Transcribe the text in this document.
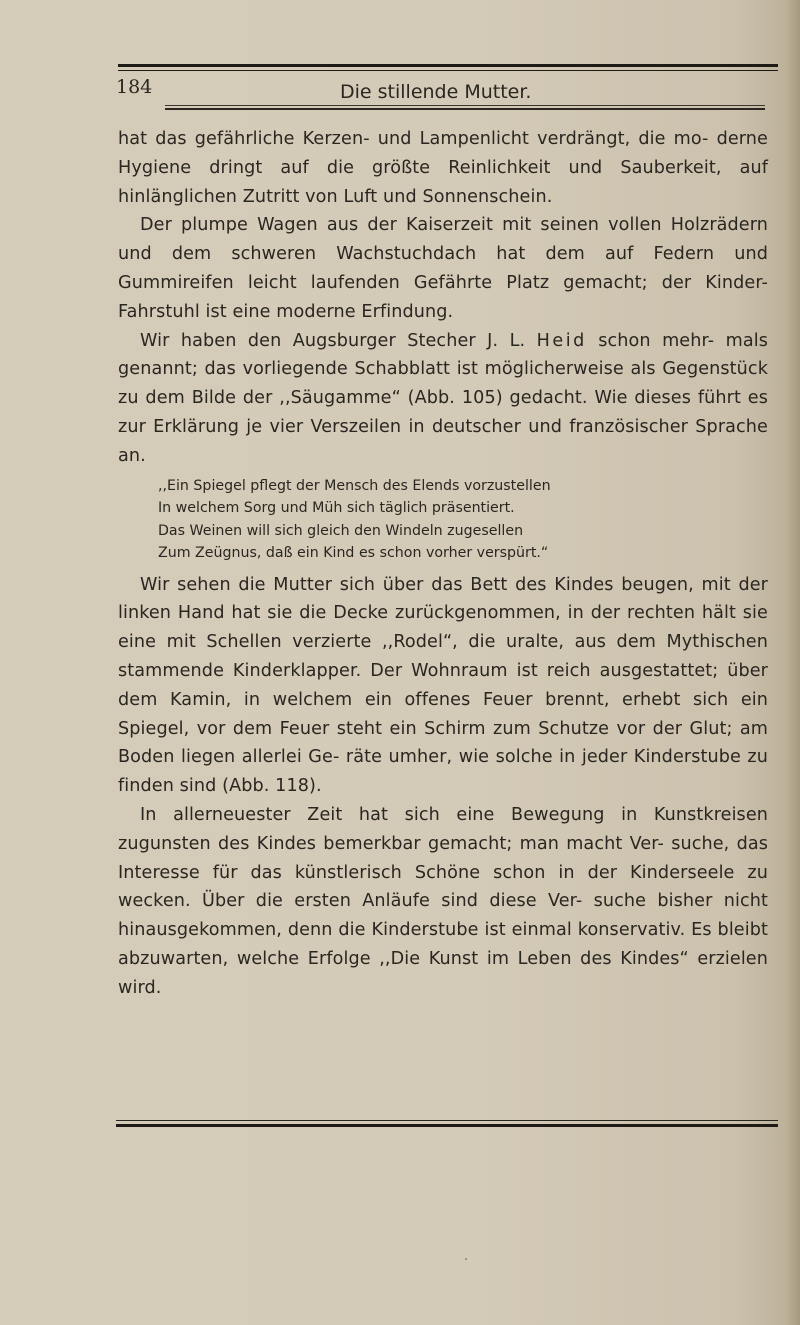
184	Die stillende Mutter.

hat das gefährliche Kerzen- und Lampenlicht verdrängt, die mo- derne Hygiene dringt auf die größte Reinlichkeit und Sauberkeit, auf hinlänglichen Zutritt von Luft und Sonnenschein.

Der plumpe Wagen aus der Kaiserzeit mit seinen vollen Holzrädern und dem schweren Wachstuchdach hat dem auf Federn und Gummireifen leicht laufenden Gefährte Platz gemacht; der Kinder-Fahrstuhl ist eine moderne Erfindung.

Wir haben den Augsburger Stecher J. L. Heid schon mehr- mals genannt; das vorliegende Schabblatt ist möglicherweise als Gegenstück zu dem Bilde der ,,Säugamme“ (Abb. 105) gedacht. Wie dieses führt es zur Erklärung je vier Verszeilen in deutscher und französischer Sprache an.

,,Ein Spiegel pflegt der Mensch des Elends vorzustellen
In welchem Sorg und Müh sich täglich präsentiert.
Das Weinen will sich gleich den Windeln zugesellen
Zum Zeügnus, daß ein Kind es schon vorher verspürt.“

Wir sehen die Mutter sich über das Bett des Kindes beugen, mit der linken Hand hat sie die Decke zurückgenommen, in der rechten hält sie eine mit Schellen verzierte ,,Rodel“, die uralte, aus dem Mythischen stammende Kinderklapper. Der Wohnraum ist reich ausgestattet; über dem Kamin, in welchem ein offenes Feuer brennt, erhebt sich ein Spiegel, vor dem Feuer steht ein Schirm zum Schutze vor der Glut; am Boden liegen allerlei Ge- räte umher, wie solche in jeder Kinderstube zu finden sind (Abb. 118).

In allerneuester Zeit hat sich eine Bewegung in Kunstkreisen zugunsten des Kindes bemerkbar gemacht; man macht Ver- suche, das Interesse für das künstlerisch Schöne schon in der Kinderseele zu wecken. Über die ersten Anläufe sind diese Ver- suche bisher nicht hinausgekommen, denn die Kinderstube ist einmal konservativ. Es bleibt abzuwarten, welche Erfolge ,,Die Kunst im Leben des Kindes“ erzielen wird.
